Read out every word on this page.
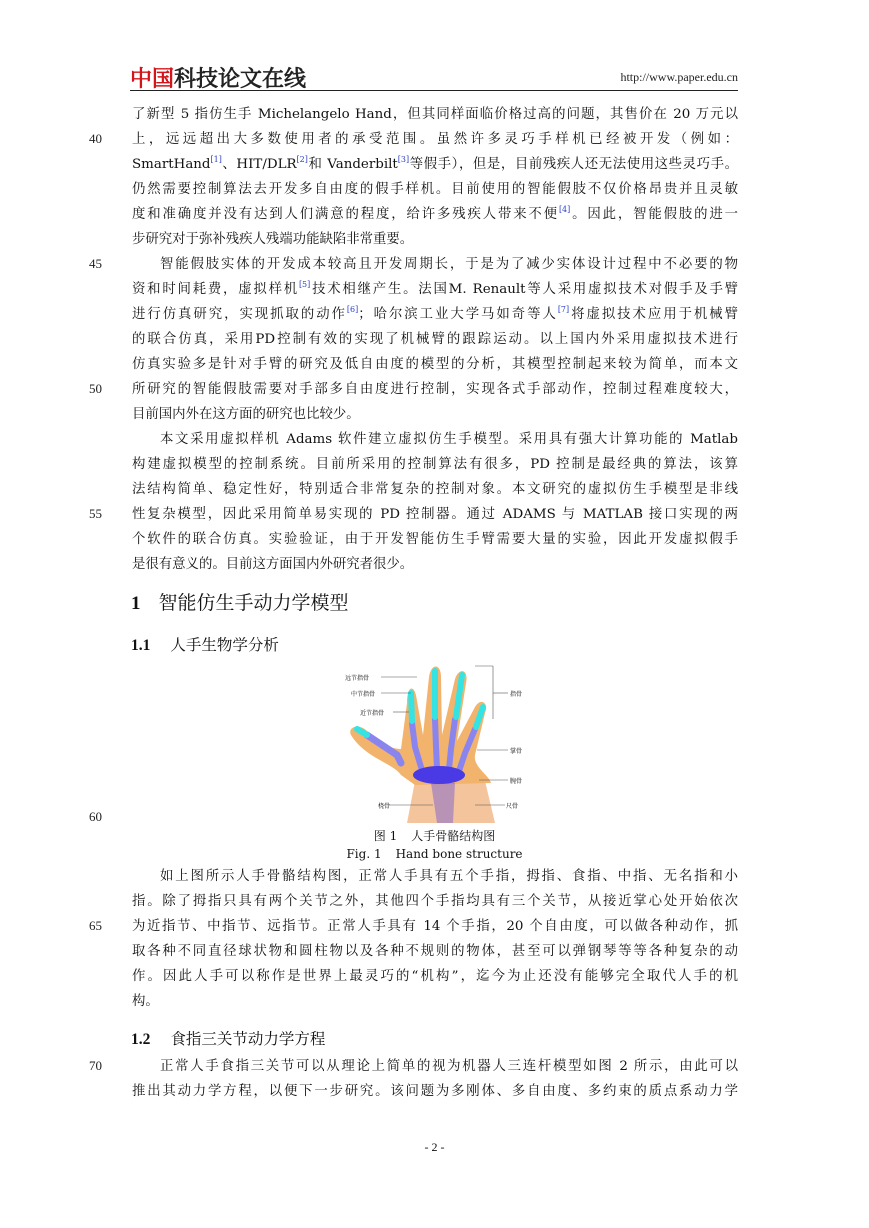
中国科技论文在线	http://www.paper.edu.cn
40
45
50
55
60
65
70
了新型 5 指仿生手 Michelangelo Hand，但其同样面临价格过高的问题，其售价在 20 万元以
上，远远超出大多数使用者的承受范围。虽然许多灵巧手样机已经被开发（例如：
SmartHand[1]、HIT/DLR[2]和 Vanderbilt[3]等假手），但是，目前残疾人还无法使用这些灵巧手。
仍然需要控制算法去开发多自由度的假手样机。目前使用的智能假肢不仅价格昂贵并且灵敏
度和准确度并没有达到人们满意的程度，给许多残疾人带来不便[4]。因此，智能假肢的进一
步研究对于弥补残疾人残端功能缺陷非常重要。
智能假肢实体的开发成本较高且开发周期长，于是为了减少实体设计过程中不必要的物
资和时间耗费，虚拟样机[5]技术相继产生。法国M. Renault等人采用虚拟技术对假手及手臂
进行仿真研究，实现抓取的动作[6]；哈尔滨工业大学马如奇等人[7]将虚拟技术应用于机械臂
的联合仿真，采用PD控制有效的实现了机械臂的跟踪运动。以上国内外采用虚拟技术进行
仿真实验多是针对手臂的研究及低自由度的模型的分析，其模型控制起来较为简单，而本文
所研究的智能假肢需要对手部多自由度进行控制，实现各式手部动作，控制过程难度较大，
目前国内外在这方面的研究也比较少。
本文采用虚拟样机 Adams 软件建立虚拟仿生手模型。采用具有强大计算功能的 Matlab
构建虚拟模型的控制系统。目前所采用的控制算法有很多，PD 控制是最经典的算法，该算
法结构简单、稳定性好，特别适合非常复杂的控制对象。本文研究的虚拟仿生手模型是非线
性复杂模型，因此采用简单易实现的 PD 控制器。通过 ADAMS 与 MATLAB 接口实现的两
个软件的联合仿真。实验验证，由于开发智能仿生手臂需要大量的实验，因此开发虚拟假手
是很有意义的。目前这方面国内外研究者很少。
1 智能仿生手动力学模型
1.1 人手生物学分析
远节指骨
中节指骨
近节指骨
指骨
掌骨
腕骨
桡骨	尺骨
图 1 人手骨骼结构图
Fig. 1 Hand bone structure
如上图所示人手骨骼结构图，正常人手具有五个手指，拇指、食指、中指、无名指和小
指。除了拇指只具有两个关节之外，其他四个手指均具有三个关节，从接近掌心处开始依次
为近指节、中指节、远指节。正常人手具有 14 个手指，20 个自由度，可以做各种动作，抓
取各种不同直径球状物和圆柱物以及各种不规则的物体，甚至可以弹钢琴等等各种复杂的动
作。因此人手可以称作是世界上最灵巧的“机构”，迄今为止还没有能够完全取代人手的机
构。
1.2 食指三关节动力学方程
正常人手食指三关节可以从理论上简单的视为机器人三连杆模型如图 2 所示，由此可以
推出其动力学方程，以便下一步研究。该问题为多刚体、多自由度、多约束的质点系动力学
- 2 -
